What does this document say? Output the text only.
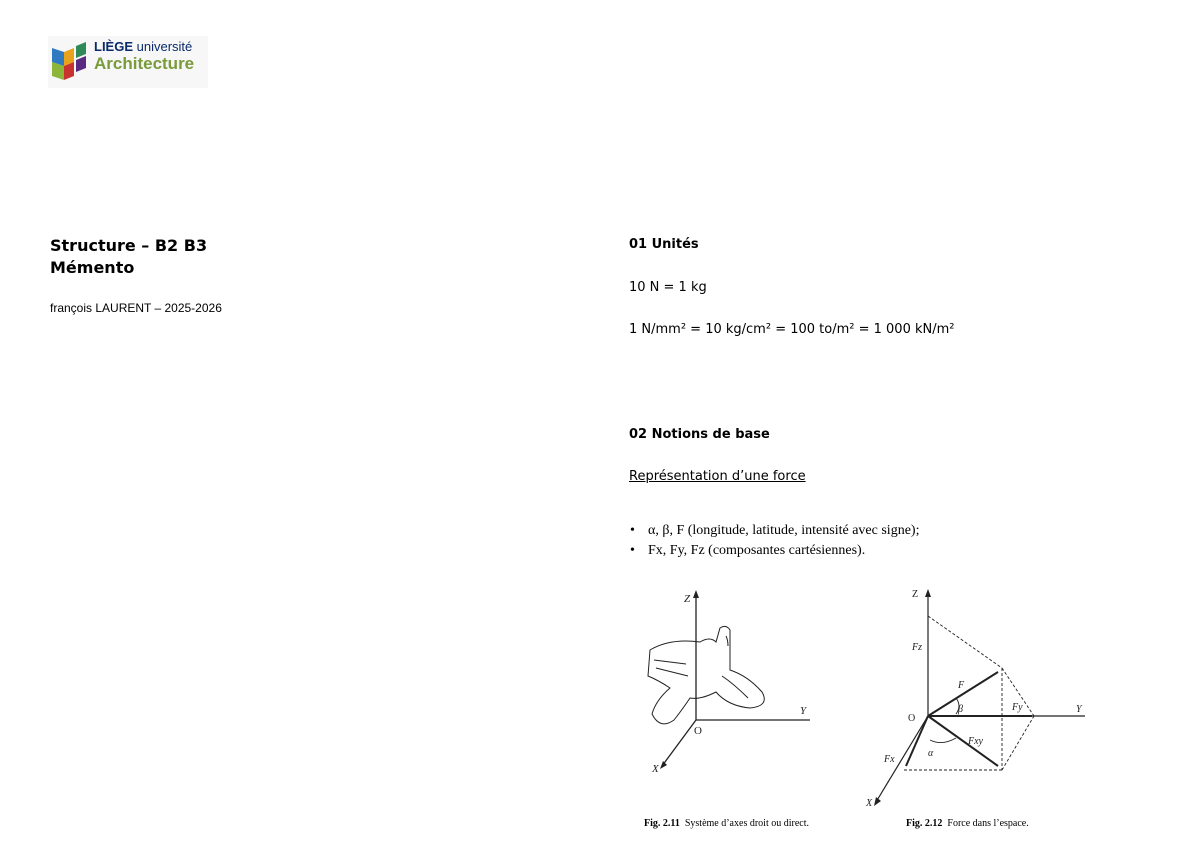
LIÈGE université
Architecture
Structure – B2 B3
Mémento
françois LAURENT – 2025-2026
01 Unités
10 N = 1 kg
1 N/mm² = 10 kg/cm² = 100 to/m² = 1 000 kN/m²
02 Notions de base
Représentation d’une force
• α, β, F (longitude, latitude, intensité avec signe);
• Fx, Fy, Fz (composantes cartésiennes).
Z
Y
X
O
Fig. 2.11 Système d’axes droit ou direct.
Z
Y
X
O
Fz
F
β	Fy
Fxy
α
Fx
Fig. 2.12 Force dans l’espace.
